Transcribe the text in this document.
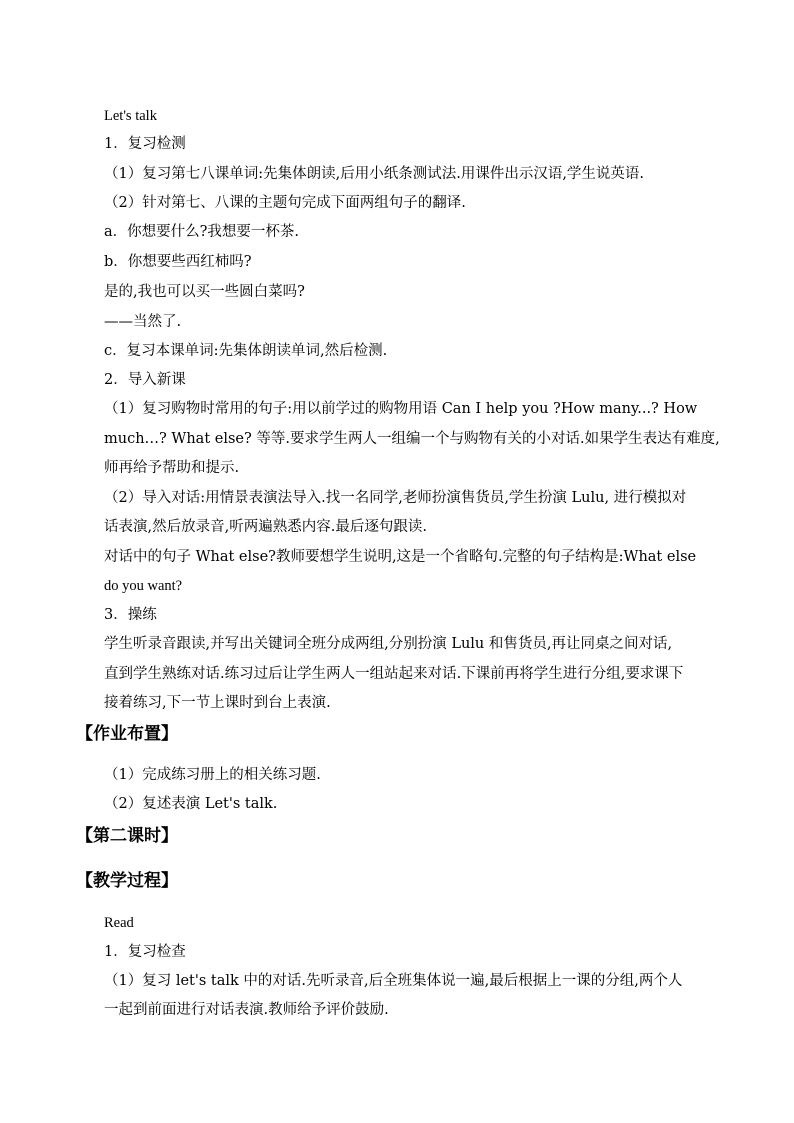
Let's talk
1．复习检测
（1）复习第七八课单词:先集体朗读,后用小纸条测试法.用课件出示汉语,学生说英语.
（2）针对第七、八课的主题句完成下面两组句子的翻译.
a．你想要什么?我想要一杯茶.
b．你想要些西红柿吗?
是的,我也可以买一些圆白菜吗?
——当然了.
c．复习本课单词:先集体朗读单词,然后检测.
2．导入新课
（1）复习购物时常用的句子:用以前学过的购物用语 Can I help you ?How many...? How
much…? What else? 等等.要求学生两人一组编一个与购物有关的小对话.如果学生表达有难度,
师再给予帮助和提示.
（2）导入对话:用情景表演法导入.找一名同学,老师扮演售货员,学生扮演 Lulu, 进行模拟对
话表演,然后放录音,听两遍熟悉内容.最后逐句跟读.
对话中的句子 What else?教师要想学生说明,这是一个省略句.完整的句子结构是:What else
do you want?
3．操练
学生听录音跟读,并写出关键词全班分成两组,分别扮演 Lulu 和售货员,再让同桌之间对话,
直到学生熟练对话.练习过后让学生两人一组站起来对话.下课前再将学生进行分组,要求课下
接着练习,下一节上课时到台上表演.
【作业布置】
（1）完成练习册上的相关练习题.
（2）复述表演 Let's talk.
【第二课时】
【教学过程】
Read
1．复习检查
（1）复习 let's talk 中的对话.先听录音,后全班集体说一遍,最后根据上一课的分组,两个人
一起到前面进行对话表演.教师给予评价鼓励.
